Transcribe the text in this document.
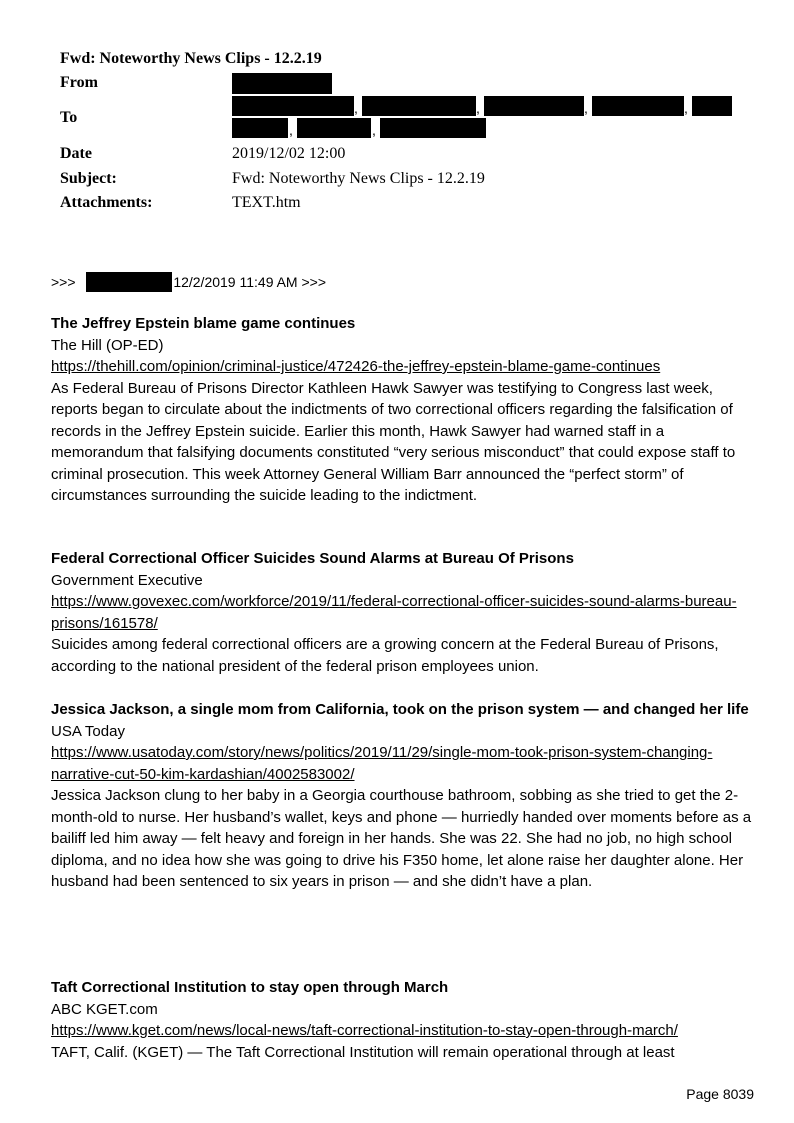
Fwd: Noteworthy News Clips - 12.2.19
From
To
,	,	,	,
,	,
Date	2019/12/02 12:00
Subject:	Fwd: Noteworthy News Clips - 12.2.19
Attachments:	TEXT.htm
>>>	12/2/2019 11:49 AM >>>

The Jeffrey Epstein blame game continues

The Hill (OP-ED)

https://thehill.com/opinion/criminal-justice/472426-the-jeffrey-epstein-blame-game-continues

As Federal Bureau of Prisons Director Kathleen Hawk Sawyer was testifying to Congress last week, reports began to circulate about the indictments of two correctional officers regarding the falsification of records in the Jeffrey Epstein suicide. Earlier this month, Hawk Sawyer had warned staff in a memorandum that falsifying documents constituted “very serious misconduct” that could expose staff to criminal prosecution. This week Attorney General William Barr announced the “perfect storm” of circumstances surrounding the suicide leading to the indictment.

Federal Correctional Officer Suicides Sound Alarms at Bureau Of Prisons

Government Executive

https://www.govexec.com/workforce/2019/11/federal-correctional-officer-suicides-sound-alarms-bureau-prisons/161578/

Suicides among federal correctional officers are a growing concern at the Federal Bureau of Prisons, according to the national president of the federal prison employees union.

Jessica Jackson, a single mom from California, took on the prison system — and changed her life

USA Today

https://www.usatoday.com/story/news/politics/2019/11/29/single-mom-took-prison-system-changing-narrative-cut-50-kim-kardashian/4002583002/

Jessica Jackson clung to her baby in a Georgia courthouse bathroom, sobbing as she tried to get the 2-month-old to nurse. Her husband’s wallet, keys and phone — hurriedly handed over moments before as a bailiff led him away — felt heavy and foreign in her hands. She was 22. She had no job, no high school diploma, and no idea how she was going to drive his F350 home, let alone raise her daughter alone. Her husband had been sentenced to six years in prison — and she didn’t have a plan.

Taft Correctional Institution to stay open through March

ABC KGET.com

https://www.kget.com/news/local-news/taft-correctional-institution-to-stay-open-through-march/

TAFT, Calif. (KGET) — The Taft Correctional Institution will remain operational through at least

Page 8039
